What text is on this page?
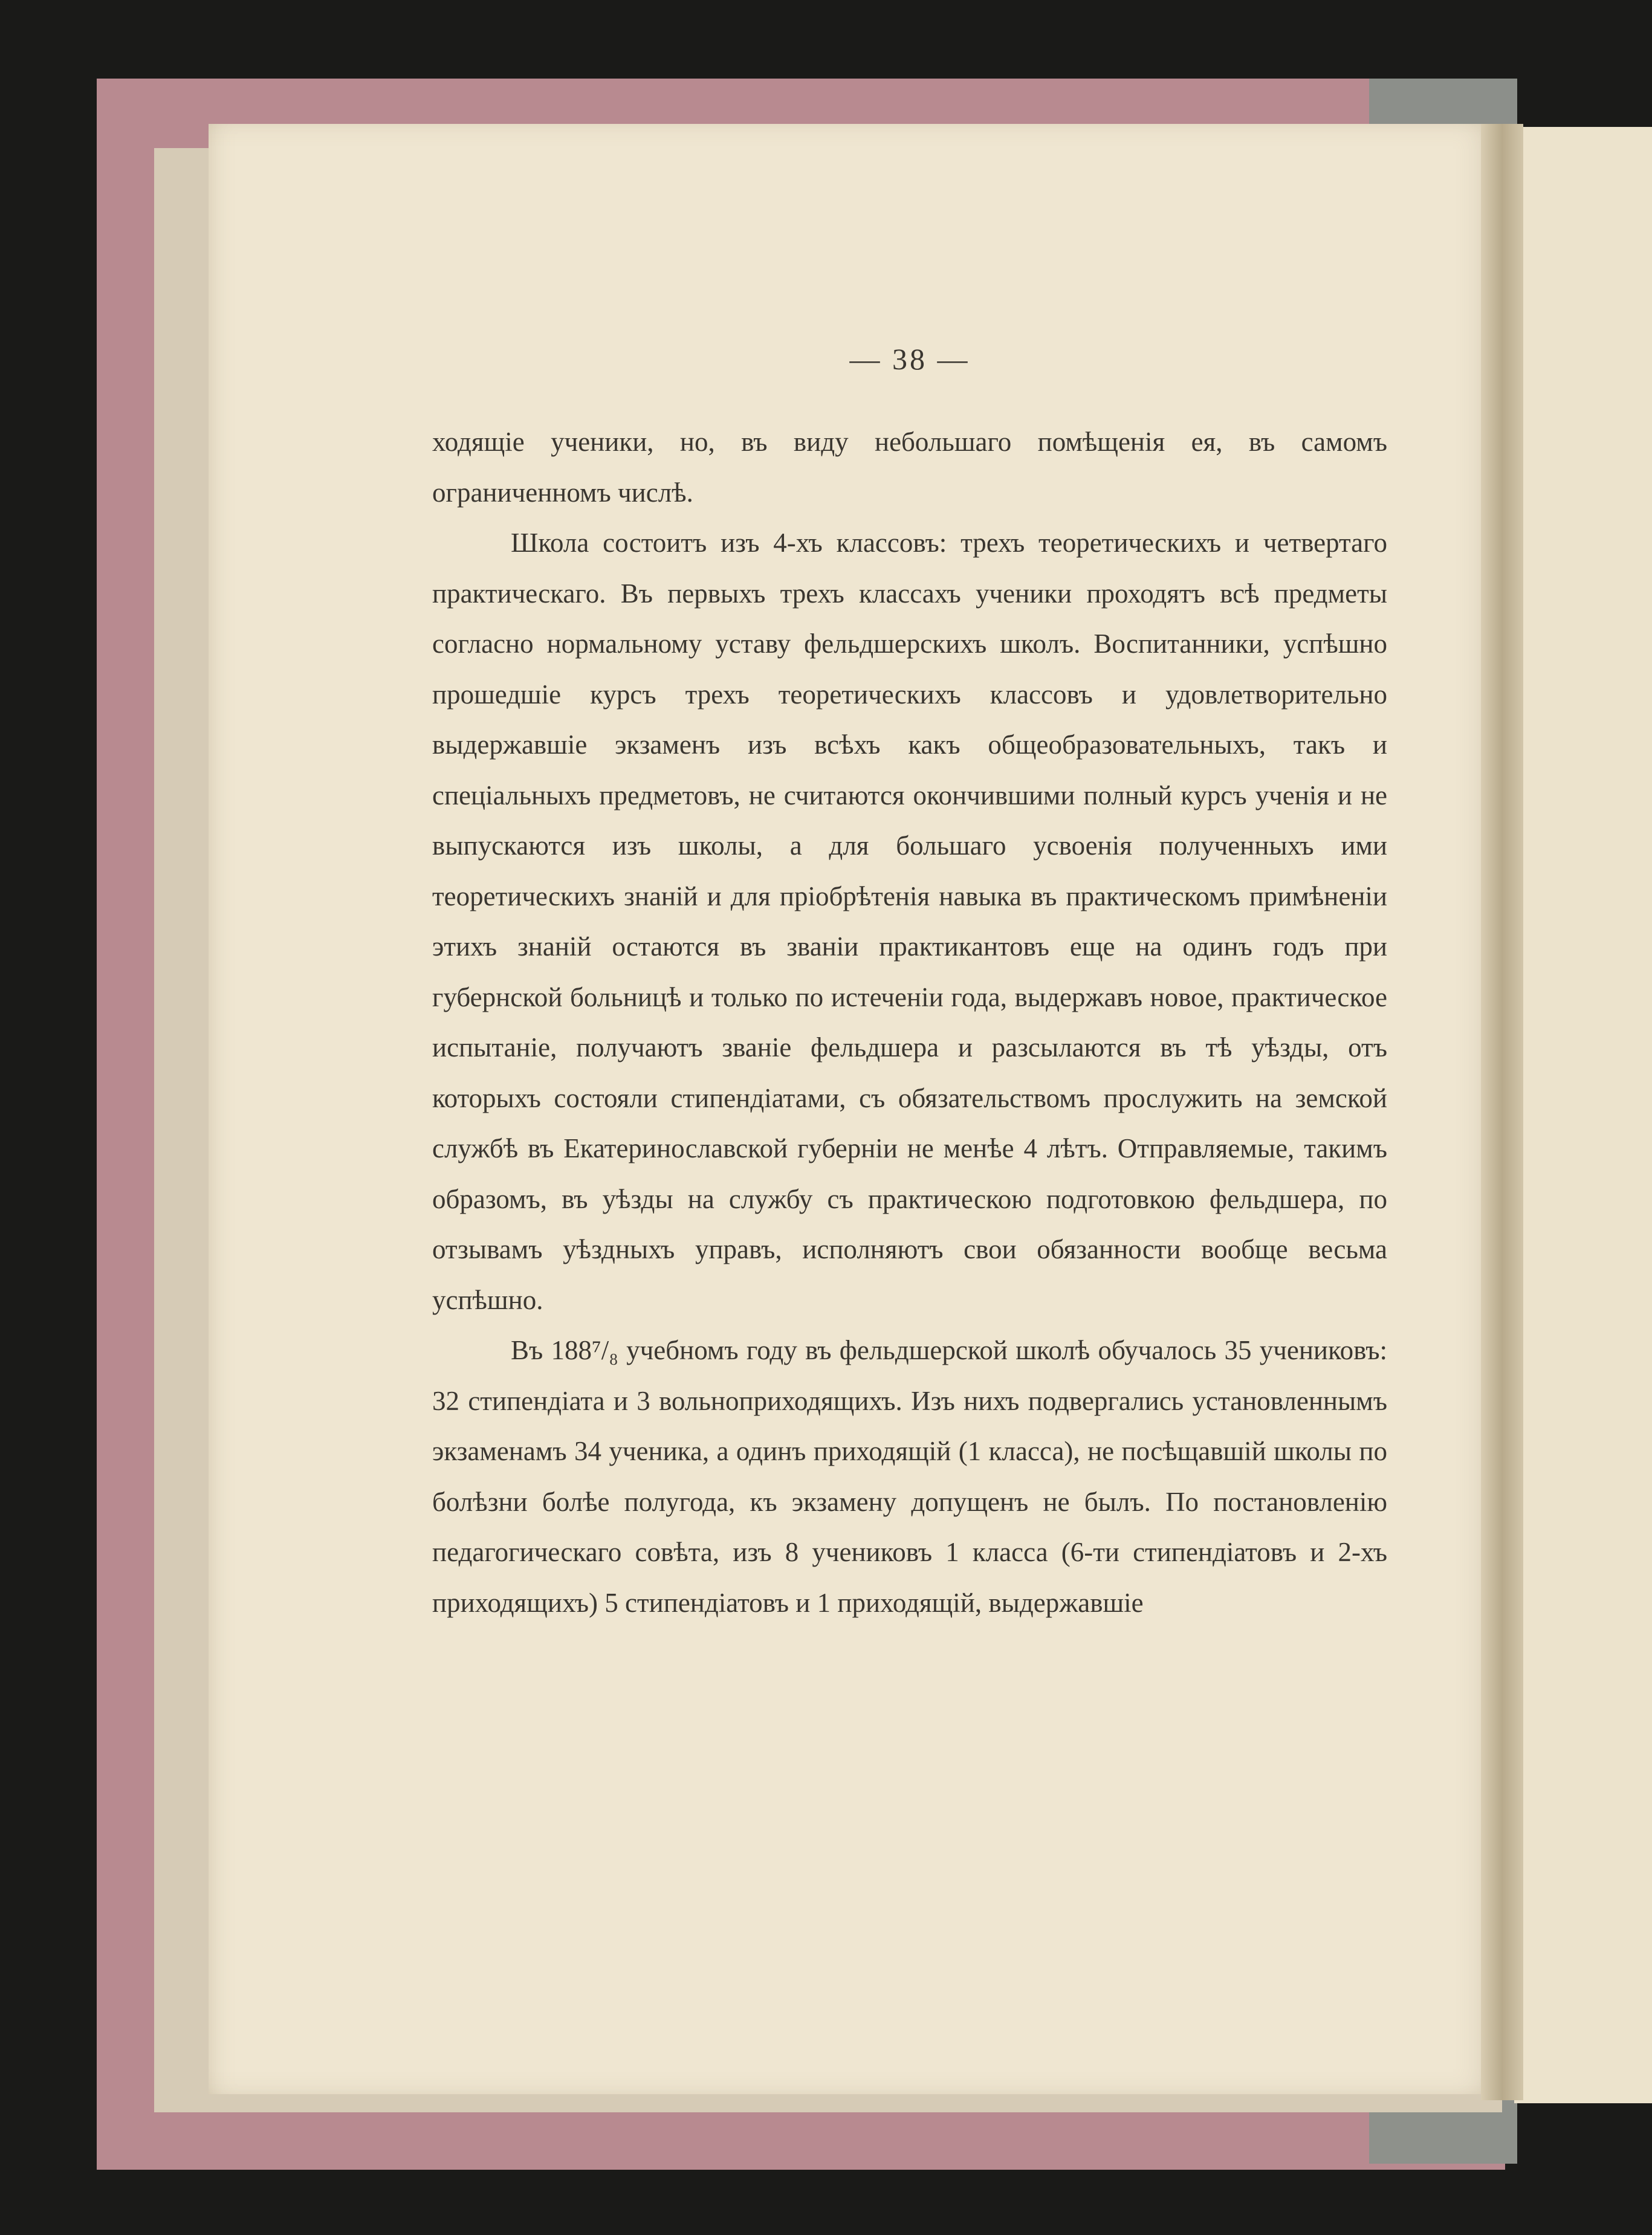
— 38 —

ходящіе ученики, но, въ виду небольшаго помѣщенія ея, въ самомъ ограниченномъ числѣ.

Школа состоитъ изъ 4-хъ классовъ: трехъ теоретическихъ и четвертаго практическаго. Въ первыхъ трехъ классахъ ученики проходятъ всѣ предметы согласно нормальному уставу фельдшерскихъ школъ. Воспитанники, успѣшно прошедшіе курсъ трехъ теоретическихъ классовъ и удовлетворительно выдержавшіе экзаменъ изъ всѣхъ какъ общеобразовательныхъ, такъ и спеціальныхъ предметовъ, не считаются окончившими полный курсъ ученія и не выпускаются изъ школы, а для большаго усвоенія полученныхъ ими теоретическихъ знаній и для пріобрѣтенія навыка въ практическомъ примѣненіи этихъ знаній остаются въ званіи практикантовъ еще на одинъ годъ при губернской больницѣ и только по истеченіи года, выдержавъ новое, практическое испытаніе, получаютъ званіе фельдшера и разсылаются въ тѣ уѣзды, отъ которыхъ состояли стипендіатами, съ обязательствомъ прослужить на земской службѣ въ Екатеринославской губерніи не менѣе 4 лѣтъ. Отправляемые, такимъ образомъ, въ уѣзды на службу съ практическою подготовкою фельдшера, по отзывамъ уѣздныхъ управъ, исполняютъ свои обязанности вообще весьма успѣшно.

Въ 188⁷/₈ учебномъ году въ фельдшерской школѣ обучалось 35 учениковъ: 32 стипендіата и 3 вольноприходящихъ. Изъ нихъ подвергались установленнымъ экзаменамъ 34 ученика, а одинъ приходящій (1 класса), не посѣщавшій школы по болѣзни болѣе полугода, къ экзамену допущенъ не былъ. По постановленію педагогическаго совѣта, изъ 8 учениковъ 1 класса (6-ти стипендіатовъ и 2-хъ приходящихъ) 5 стипендіатовъ и 1 приходящій, выдержавшіе
